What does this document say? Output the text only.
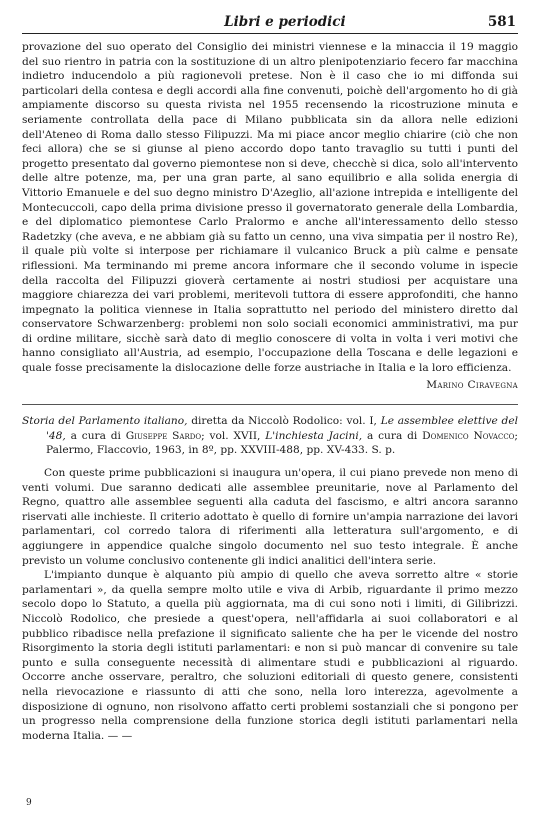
Libri e periodici	581

provazione del suo operato del Consiglio dei ministri viennese e la minaccia il 19 maggio del suo rientro in patria con la sostituzione di un altro plenipotenziario fecero far macchina indietro inducendolo a più ragionevoli pretese. Non è il caso che io mi diffonda sui particolari della contesa e degli accordi alla fine convenuti, poichè dell'argomento ho di già ampiamente discorso su questa rivista nel 1955 recensendo la ricostruzione minuta e seriamente controllata della pace di Milano pubblicata sin da allora nelle edizioni dell'Ateneo di Roma dallo stesso Filipuzzi. Ma mi piace ancor meglio chiarire (ciò che non feci allora) che se si giunse al pieno accordo dopo tanto travaglio su tutti i punti del progetto presentato dal governo piemontese non si deve, checchè si dica, solo all'intervento delle altre potenze, ma, per una gran parte, al sano equilibrio e alla solida energia di Vittorio Emanuele e del suo degno ministro D'Azeglio, all'azione intrepida e intelligente del Montecuccoli, capo della prima divisione presso il governatorato generale della Lombardia, e del diplomatico piemontese Carlo Pralormo e anche all'interessamento dello stesso Radetzky (che aveva, e ne abbiam già su fatto un cenno, una viva simpatia per il nostro Re), il quale più volte si interpose per richiamare il vulcanico Bruck a più calme e pensate riflessioni. Ma terminando mi preme ancora informare che il secondo volume in ispecie della raccolta del Filipuzzi gioverà certamente ai nostri studiosi per acquistare una maggiore chiarezza dei vari problemi, meritevoli tuttora di essere approfonditi, che hanno impegnato la politica viennese in Italia soprattutto nel periodo del ministero diretto dal conservatore Schwarzenberg: problemi non solo sociali economici amministrativi, ma pur di ordine militare, sicchè sarà dato di meglio conoscere di volta in volta i veri motivi che hanno consigliato all'Austria, ad esempio, l'occupazione della Toscana e delle legazioni e quale fosse precisamente la dislocazione delle forze austriache in Italia e la loro efficienza.

Marino Ciravegna

Storia del Parlamento italiano, diretta da Niccolò Rodolico: vol. I, Le assemblee elettive del '48, a cura di Giuseppe Sardo; vol. XVII, L'inchiesta Jacini, a cura di Domenico Novacco; Palermo, Flaccovio, 1963, in 8º, pp. XXVIII-488, pp. XV-433. S. p.

Con queste prime pubblicazioni si inaugura un'opera, il cui piano prevede non meno di venti volumi. Due saranno dedicati alle assemblee preunitarie, nove al Parlamento del Regno, quattro alle assemblee seguenti alla caduta del fascismo, e altri ancora saranno riservati alle inchieste. Il criterio adottato è quello di fornire un'ampia narrazione dei lavori parlamentari, col corredo talora di riferimenti alla letteratura sull'argomento, e di aggiungere in appendice qualche singolo documento nel suo testo integrale. È anche previsto un volume conclusivo contenente gli indici analitici dell'intera serie.

L'impianto dunque è alquanto più ampio di quello che aveva sorretto altre « storie parlamentari », da quella sempre molto utile e viva di Arbib, riguardante il primo mezzo secolo dopo lo Statuto, a quella più aggiornata, ma di cui sono noti i limiti, di Gilibrizzi. Niccolò Rodolico, che presiede a quest'opera, nell'affidarla ai suoi collaboratori e al pubblico ribadisce nella prefazione il significato saliente che ha per le vicende del nostro Risorgimento la storia degli istituti parlamentari: e non si può mancar di convenire su tale punto e sulla conseguente necessità di alimentare studi e pubblicazioni al riguardo. Occorre anche osservare, peraltro, che soluzioni editoriali di questo genere, consistenti nella rievocazione e riassunto di atti che sono, nella loro interezza, agevolmente a disposizione di ognuno, non risolvono affatto certi problemi sostanziali che si pongono per un progresso nella comprensione della funzione storica degli istituti parlamentari nella moderna Italia. — —

9
